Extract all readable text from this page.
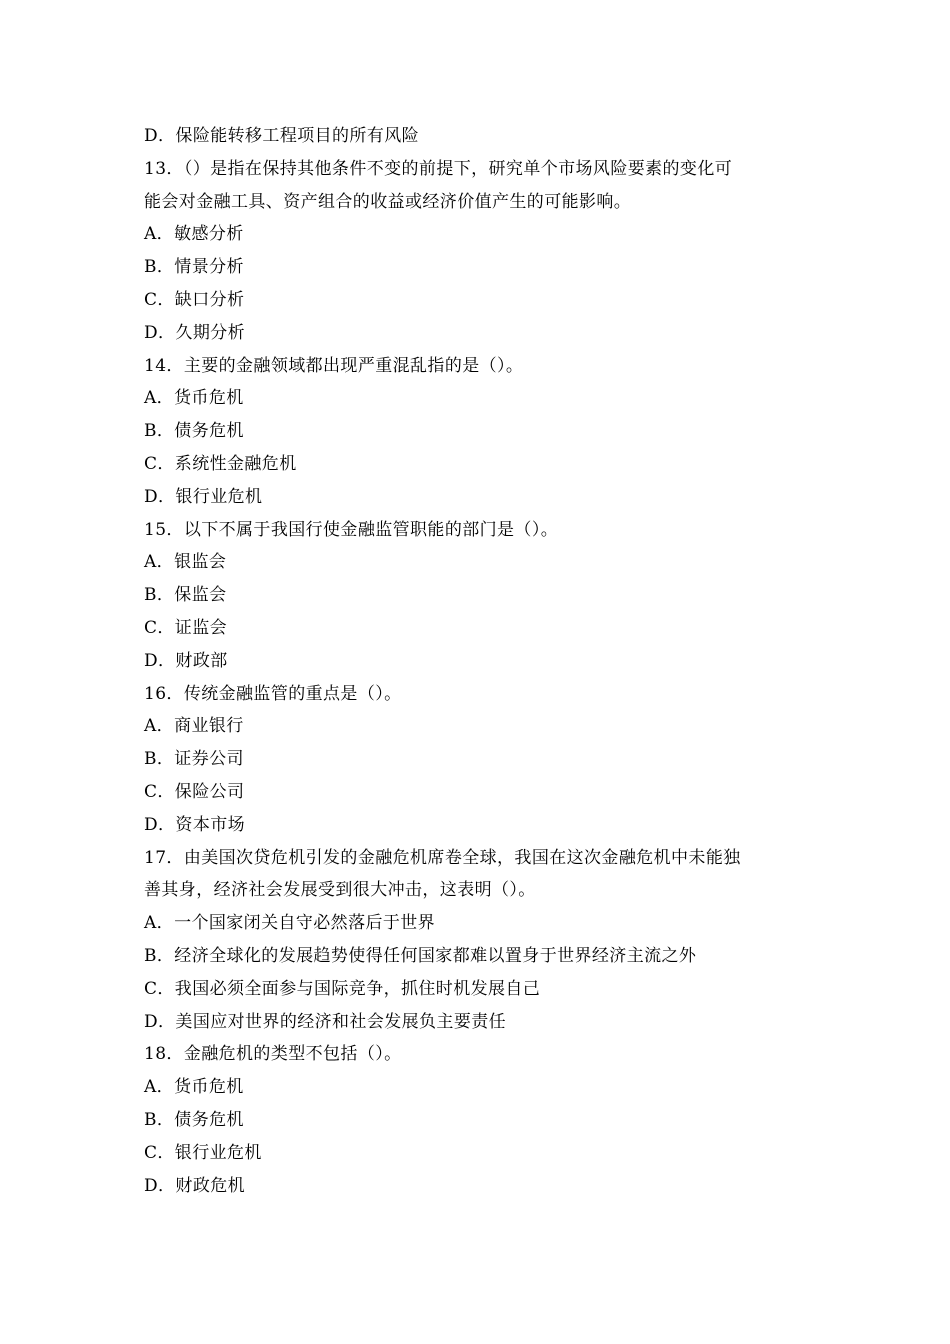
D．保险能转移工程项目的所有风险
13．（）是指在保持其他条件不变的前提下，研究单个市场风险要素的变化可
能会对金融工具、资产组合的收益或经济价值产生的可能影响。
A．敏感分析
B．情景分析
C．缺口分析
D．久期分析
14．主要的金融领域都出现严重混乱指的是（）。
A．货币危机
B．债务危机
C．系统性金融危机
D．银行业危机
15．以下不属于我国行使金融监管职能的部门是（）。
A．银监会
B．保监会
C．证监会
D．财政部
16．传统金融监管的重点是（）。
A．商业银行
B．证券公司
C．保险公司
D．资本市场
17．由美国次贷危机引发的金融危机席卷全球，我国在这次金融危机中未能独
善其身，经济社会发展受到很大冲击，这表明（）。
A．一个国家闭关自守必然落后于世界
B．经济全球化的发展趋势使得任何国家都难以置身于世界经济主流之外
C．我国必须全面参与国际竞争，抓住时机发展自己
D．美国应对世界的经济和社会发展负主要责任
18．金融危机的类型不包括（）。
A．货币危机
B．债务危机
C．银行业危机
D．财政危机
